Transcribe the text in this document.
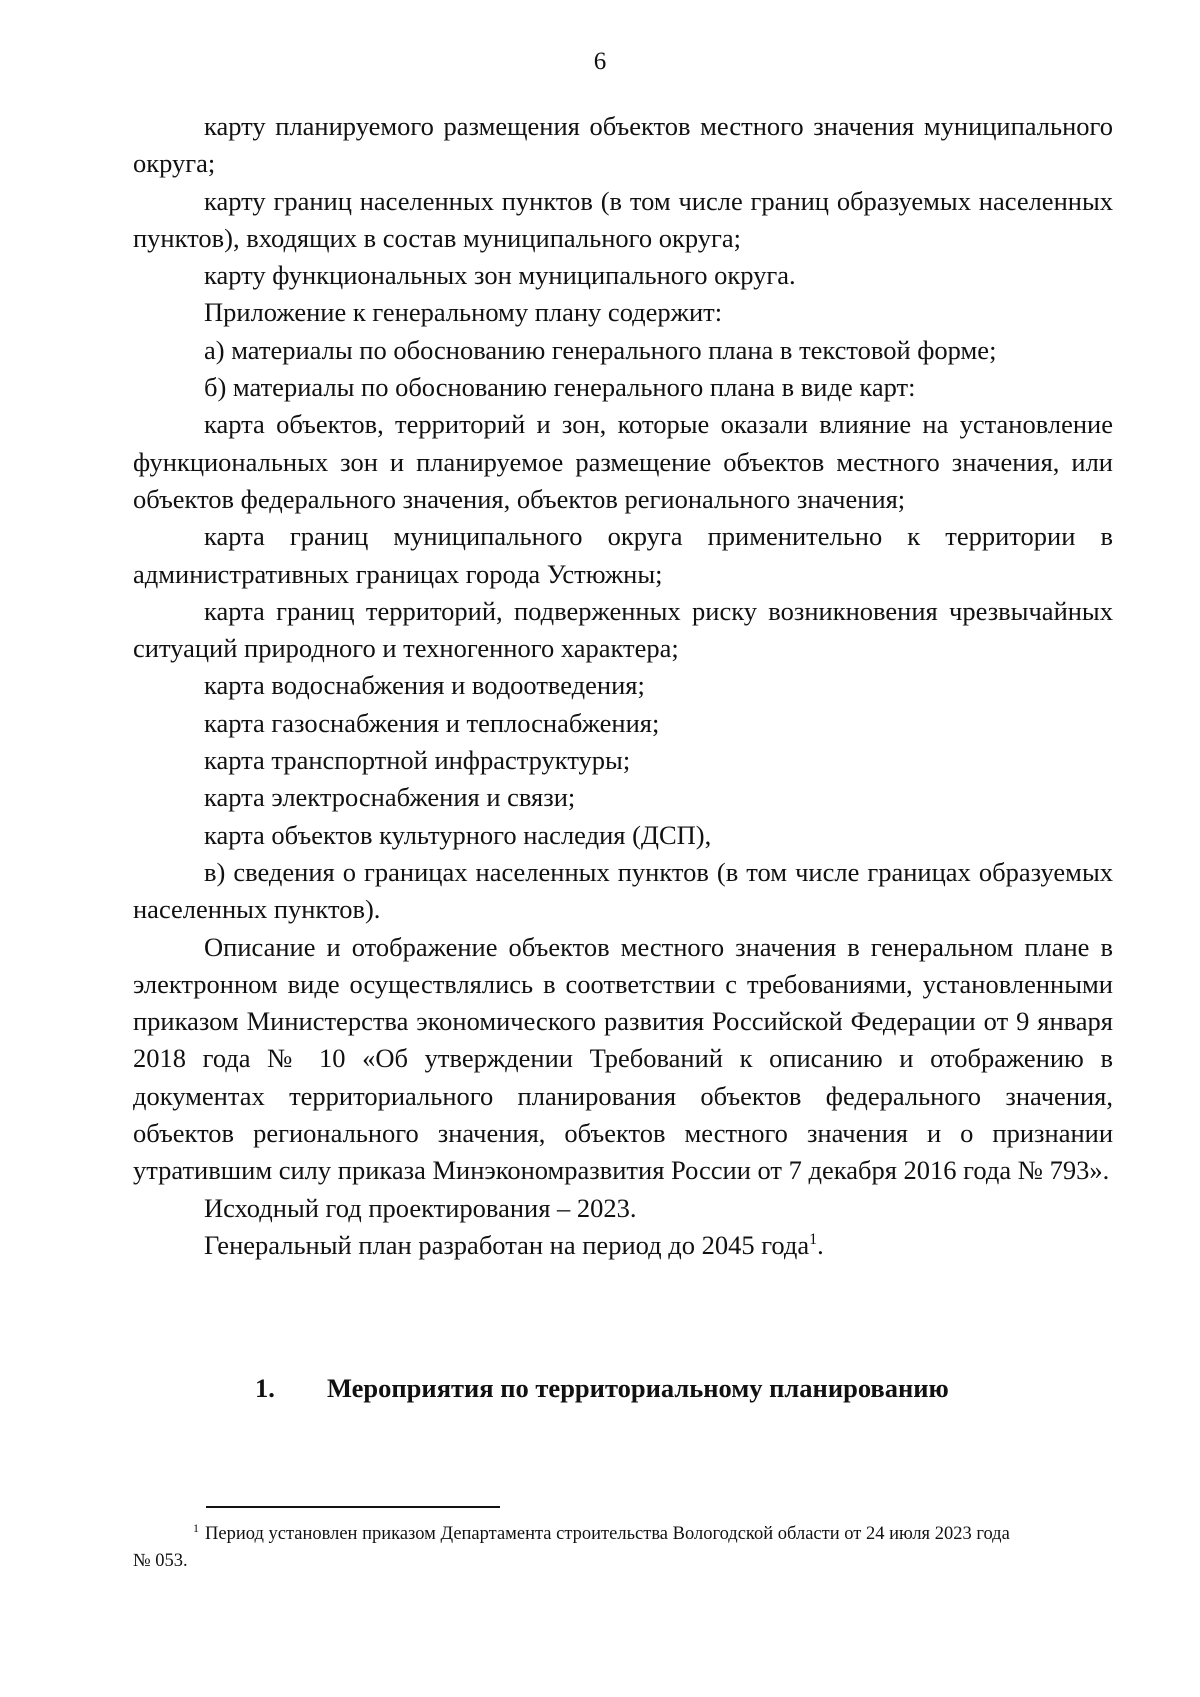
6

карту планируемого размещения объектов местного значения муниципального округа;

карту границ населенных пунктов (в том числе границ образуемых населенных пунктов), входящих в состав муниципального округа;

карту функциональных зон муниципального округа.

Приложение к генеральному плану содержит:

а) материалы по обоснованию генерального плана в текстовой форме;

б) материалы по обоснованию генерального плана в виде карт:

карта объектов, территорий и зон, которые оказали влияние на установление функциональных зон и планируемое размещение объектов местного значения, или объектов федерального значения, объектов регионального значения;

карта границ муниципального округа применительно к территории в административных границах города Устюжны;

карта границ территорий, подверженных риску возникновения чрезвычайных ситуаций природного и техногенного характера;

карта водоснабжения и водоотведения;

карта газоснабжения и теплоснабжения;

карта транспортной инфраструктуры;

карта электроснабжения и связи;

карта объектов культурного наследия (ДСП),

в) сведения о границах населенных пунктов (в том числе границах образуемых населенных пунктов).

Описание и отображение объектов местного значения в генеральном плане в электронном виде осуществлялись в соответствии с требованиями, установленными приказом Министерства экономического развития Российской Федерации от 9 января 2018 года № 10 «Об утверждении Требований к описанию и отображению в документах территориального планирования объектов федерального значения, объектов регионального значения, объектов местного значения и о признании утратившим силу приказа Минэкономразвития России от 7 декабря 2016 года № 793».

Исходный год проектирования – 2023.

Генеральный план разработан на период до 2045 года$^1$.

1. Мероприятия по территориальному планированию
$^1$ Период установлен приказом Департамента строительства Вологодской области от 24 июля 2023 года
№ 053.
